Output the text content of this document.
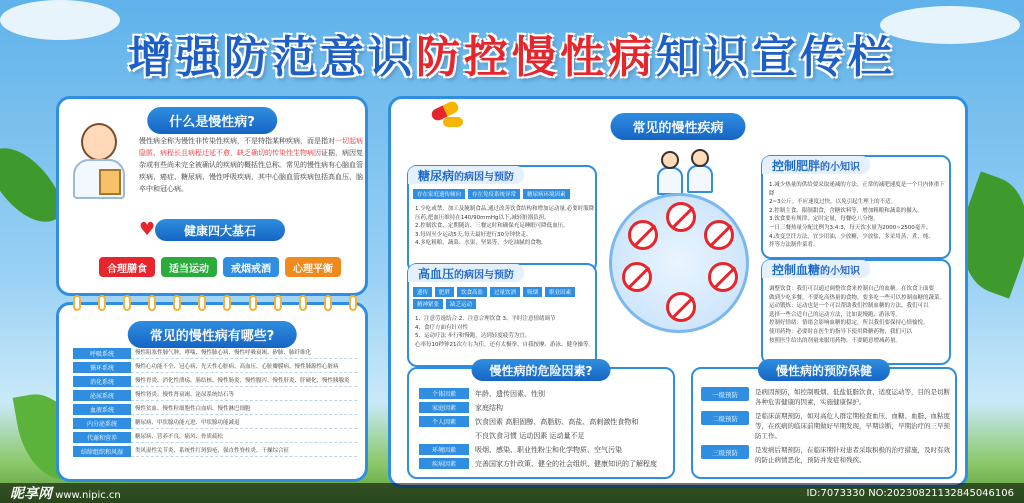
增强防范意识 防控慢性病 知识宣传栏
什么是慢性病?
慢性病全称为慢性非传染性疾病，不是特指某种疾病，而是指对一切起病隐匿、病程长且病程迁延不愈，缺乏确切的传染性生物病因证据，病因复杂或有些尚未完全被确认的疾病的概括性总称。常见的慢性病有心脑血管疾病、癌症、糖尿病、慢性呼吸疾病，其中心脑血管疾病包括高血压、脑卒中和冠心病。
♥	健康四大基石
合理膳食	适当运动	戒烟戒酒	心理平衡
常见的慢性病有哪些?
呼吸系统	慢性阻塞性肺气肿、哮喘、慢性肺心病、慢性呼吸衰竭、矽肺、肺纤维化
循环系统	慢性心功能不全、冠心病、先天性心脏病、高血压、心脏瓣膜病、慢性肺源性心脏病
消化系统	慢性胃炎、消化性溃疡、肠结核、慢性肠炎、慢性腹泻、慢性肝炎、肝硬化、慢性胰腺炎
泌尿系统	慢性肾炎、慢性肾衰竭、泌尿系统结石等
血液系统	慢性贫血、慢性粒细胞性白血病、慢性淋巴细胞
内分泌系统	糖尿病、甲状腺功能亢进、甲状腺功能减退
代谢和营养	糖尿病、营养不良、痛风、骨质疏松
结缔组织和风湿	类风湿性关节炎、系统性红斑狼疮、强直性脊柱炎、干燥综合征
常见的慢性疾病
糖尿病 的病因与预防
存在家庭遗传倾向	存在免疫系统异常	糖尿病环境因素
1.少吃或禁、加工及腌制食品,通过改善饮食结构和增加运动量,必要时服降
压药,把血压维持在140/90mmHg以下,减轻脏器负担。
2.控制饮食、定期随访、三餐定时和确保充足睡眠可降低血压。
3.每周至少运动5天,每天最好进行30分钟快走。
4.多吃粗粮、蔬菜、水果、坚果等，少吃油腻的食物。
高血压 的病因与预防
遗传	肥胖	饮食高盐	过量饮酒	吸烟	职业因素
精神紧张	缺乏运动
1、注意劳逸结合 2、注意合理饮食 3、平时注意情绪调节
4、食疗方面有针对性
5、运动疗法 步行和慢跑，达到轻度疲劳为宜。
心率每10秒钟21次左右为佳，还有太极拳、自我按摩、游泳、健身操等。
控制肥胖 的小知识
1.减少热量的供给要采取递减的方法。正常的减肥速度是一个月内体重下降
2~3公斤。不应速度过快，以免引起生理上的不适。
2.控制主食。限制甜食，含糖饮料等，增加粗粮和蔬菜的摄入。
3.饮食要有规律，定时定量，每餐吃八分饱。
一日三餐热量分配比例为3:4:3，每天饮水量为2000~2500毫升。
4.改变烹饪方法，宜少用油，少放糖，少放盐，多采用蒸、煮、炖、
拌等方法制作菜肴。
控制血糖 的小知识
调整饮食：我们可以通过调整饮食来控制自己的血糖。在饮食上面要
做到少吃多餐，不要吃高热量的食物。要多吃一些可以控制血糖的蔬菜。
运动锻炼：运动也是一个可以帮助我们控制血糖的方法，我们可以
选择一些合适自己的运动方法，比如说慢跑、游泳等。
控制好情绪：情绪会影响血糖的稳定，所以我们要保持心情愉悦。
使用药物：必要时在医生的指导下使用降糖药物，我们可以
按照医生给出的剂量来服用药物，不要随意增减药量。
慢性病的危险因素?
个体因素	年龄、遗传因素、性别
家庭因素	家庭结构
个人因素	饮食因素 高胆固醇、高脂肪、高盐、高刺激性食物和
不良饮食习惯 运动因素 运动量不足
环境因素	吸烟、感染、职业性粉尘和化学物质、空气污染
疾病因素	完善国家方针政策、健全的社会组织、健康知识的了解程度
慢性病的预防保健
一级预防	是病因预防，如控制吸烟、低盐低脂饮食、适度运动等，目的是切断各种危害健康的因素，实施健康保护。
二级预防	是临床前期预防，如对高危人群定期检查血压、血糖、血脂、血粘度等，在疾病的临床前期做好早期发现，早期诊断，早期治疗的三早预防工作。
三级预防	是发病后期预防，在临床期针对患者采取积极的治疗措施，及时有效的防止病情恶化，预防并发症和残疾。
昵享网 www.nipic.cn	ID:7073330 NO:20230821132845046106
